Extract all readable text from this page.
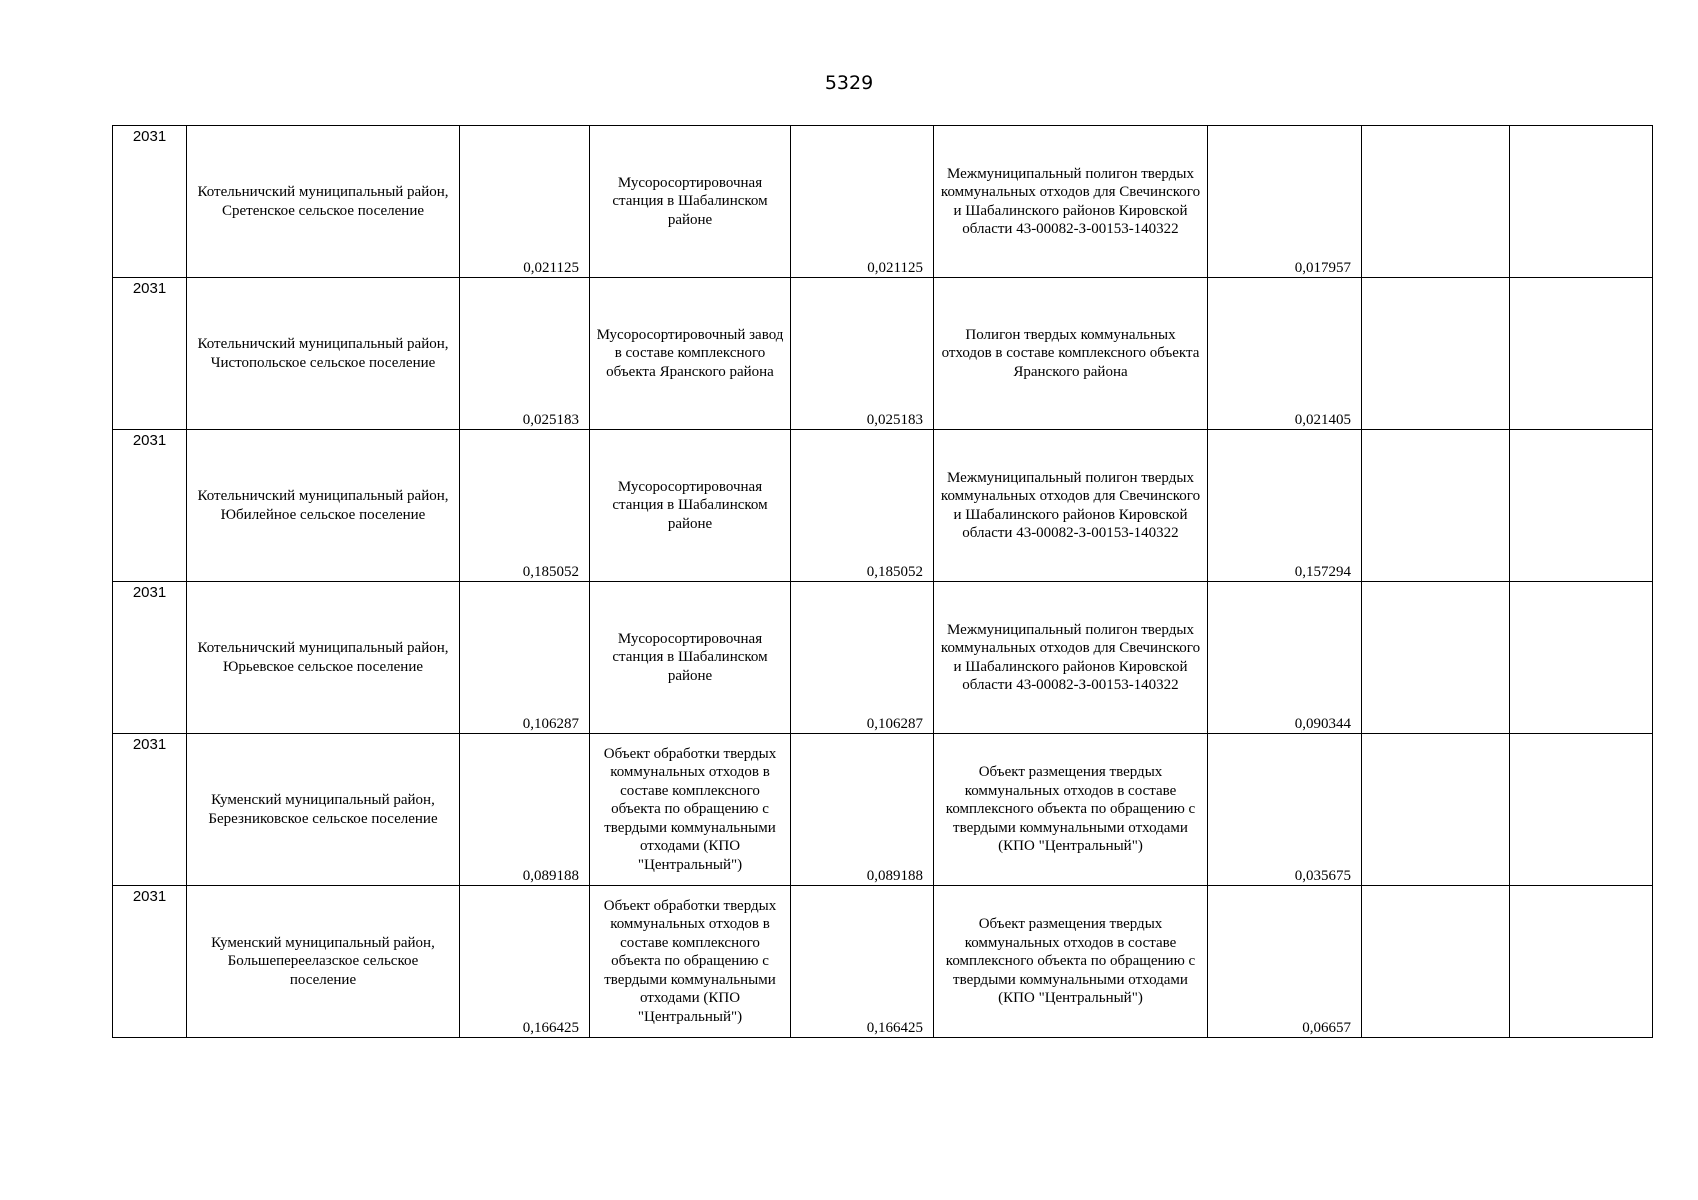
5329
2031	Котельничский муниципальный район, Сретенское сельское поселение	0,021125	Мусоросортировочная станция в Шабалинском районе	0,021125	Межмуниципальный полигон твердых коммунальных отходов для Свечинского и Шабалинского районов Кировской области 43-00082-З-00153-140322	0,017957		
2031	Котельничский муниципальный район, Чистопольское сельское поселение	0,025183	Мусоросортировочный завод в составе комплексного объекта Яранского района	0,025183	Полигон твердых коммунальных отходов в составе комплексного объекта Яранского района	0,021405		
2031	Котельничский муниципальный район, Юбилейное сельское поселение	0,185052	Мусоросортировочная станция в Шабалинском районе	0,185052	Межмуниципальный полигон твердых коммунальных отходов для Свечинского и Шабалинского районов Кировской области 43-00082-З-00153-140322	0,157294		
2031	Котельничский муниципальный район, Юрьевское сельское поселение	0,106287	Мусоросортировочная станция в Шабалинском районе	0,106287	Межмуниципальный полигон твердых коммунальных отходов для Свечинского и Шабалинского районов Кировской области 43-00082-З-00153-140322	0,090344		
2031	Куменский муниципальный район, Березниковское сельское поселение	0,089188	Объект обработки твердых коммунальных отходов в составе комплексного объекта по обращению с твердыми коммунальными отходами (КПО "Центральный")	0,089188	Объект размещения твердых коммунальных отходов в составе комплексного объекта по обращению с твердыми коммунальными отходами (КПО "Центральный")	0,035675		
2031	Куменский муниципальный район, Большепереелазское сельское поселение	0,166425	Объект обработки твердых коммунальных отходов в составе комплексного объекта по обращению с твердыми коммунальными отходами (КПО "Центральный")	0,166425	Объект размещения твердых коммунальных отходов в составе комплексного объекта по обращению с твердыми коммунальными отходами (КПО "Центральный")	0,06657		
